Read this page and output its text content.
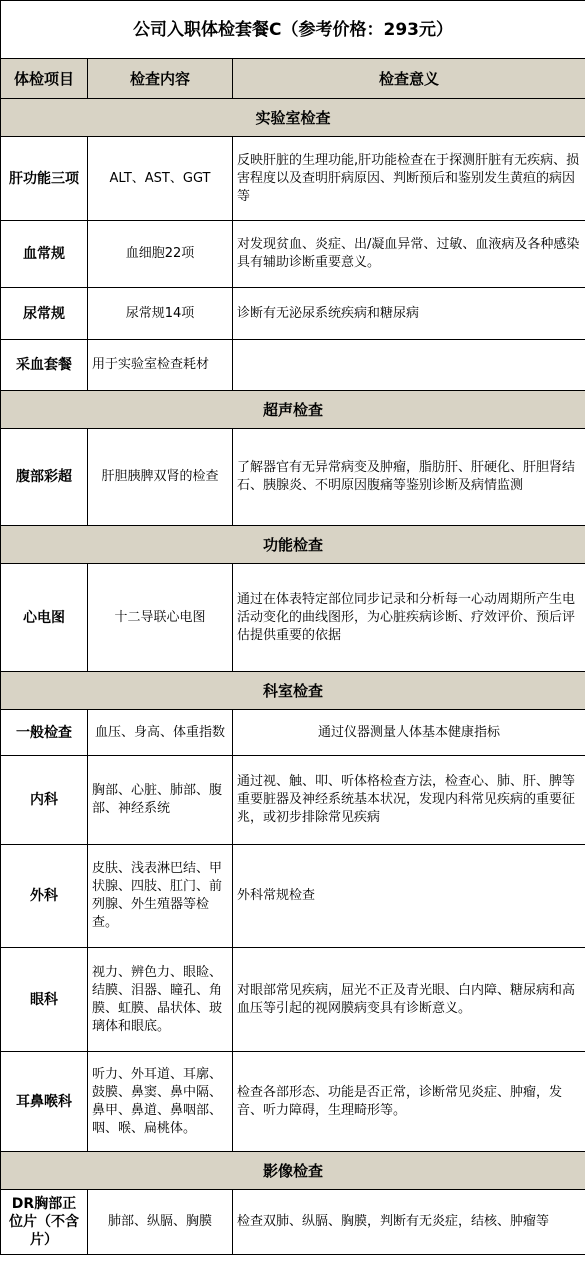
公司入职体检套餐C（参考价格：293元）		
体检项目	检查内容	检查意义
实验室检查		
肝功能三项	ALT、AST、GGT	反映肝脏的生理功能,肝功能检查在于探测肝脏有无疾病、损害程度以及查明肝病原因、判断预后和鉴别发生黄疸的病因等
血常规	血细胞22项	对发现贫血、炎症、出/凝血异常、过敏、血液病及各种感染具有辅助诊断重要意义。
尿常规	尿常规14项	诊断有无泌尿系统疾病和糖尿病
采血套餐	用于实验室检查耗材	
超声检查		
腹部彩超	肝胆胰脾双肾的检查	了解器官有无异常病变及肿瘤，脂肪肝、肝硬化、肝胆肾结石、胰腺炎、不明原因腹痛等鉴别诊断及病情监测
功能检查		
心电图	十二导联心电图	通过在体表特定部位同步记录和分析每一心动周期所产生电活动变化的曲线图形，为心脏疾病诊断、疗效评价、预后评估提供重要的依据
科室检查		
一般检查	血压、身高、体重指数	通过仪器测量人体基本健康指标
内科	胸部、心脏、肺部、腹部、神经系统	通过视、触、叩、听体格检查方法，检查心、肺、肝、脾等重要脏器及神经系统基本状况，发现内科常见疾病的重要征兆，或初步排除常见疾病
外科	皮肤、浅表淋巴结、甲状腺、四肢、肛门、前列腺、外生殖器等检查。	外科常规检查
眼科	视力、辨色力、眼睑、结膜、泪器、瞳孔、角膜、虹膜、晶状体、玻璃体和眼底。	对眼部常见疾病，屈光不正及青光眼、白内障、糖尿病和高血压等引起的视网膜病变具有诊断意义。
耳鼻喉科	听力、外耳道、耳廓、鼓膜、鼻窦、鼻中隔、鼻甲、鼻道、鼻咽部、咽、喉、扁桃体。	检查各部形态、功能是否正常，诊断常见炎症、肿瘤，发音、听力障碍，生理畸形等。
影像检查		
DR胸部正位片（不含片）	肺部、纵膈、胸膜	检查双肺、纵膈、胸膜，判断有无炎症，结核、肿瘤等
